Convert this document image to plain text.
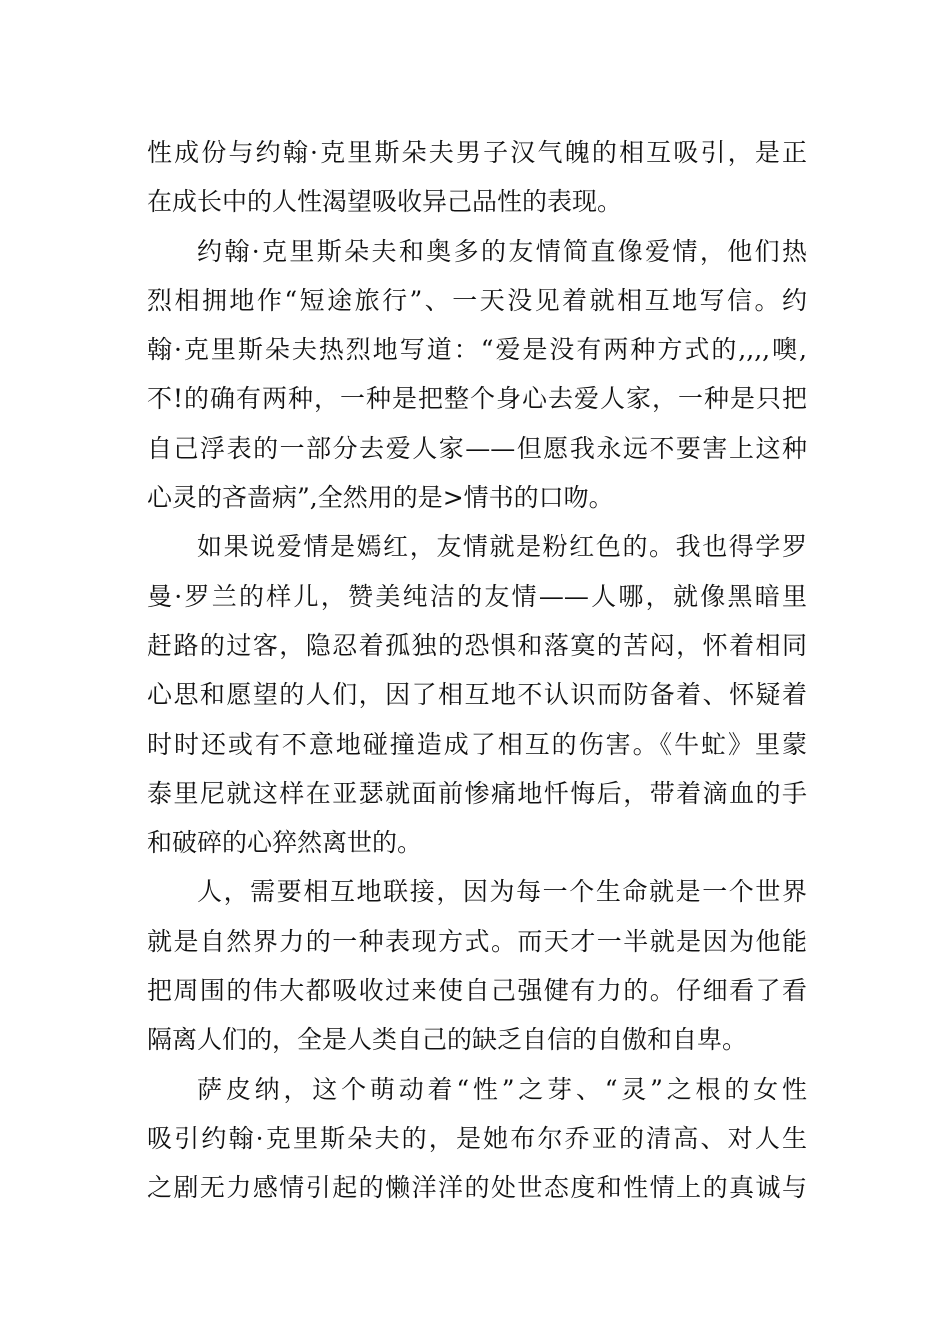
性成份与约翰·克里斯朵夫男子汉气魄的相互吸引，是正
在成长中的人性渴望吸收异己品性的表现。
约翰·克里斯朵夫和奥多的友情简直像爱情，他们热
烈相拥地作“短途旅行”、一天没见着就相互地写信。约
翰·克里斯朵夫热烈地写道：“爱是没有两种方式的,,,,噢,
不!的确有两种，一种是把整个身心去爱人家，一种是只把
自己浮表的一部分去爱人家——但愿我永远不要害上这种
心灵的吝啬病”,全然用的是>情书的口吻。
如果说爱情是嫣红，友情就是粉红色的。我也得学罗
曼·罗兰的样儿，赞美纯洁的友情——人哪，就像黑暗里
赶路的过客，隐忍着孤独的恐惧和落寞的苦闷，怀着相同
心思和愿望的人们，因了相互地不认识而防备着、怀疑着
时时还或有不意地碰撞造成了相互的伤害。《牛虻》里蒙
泰里尼就这样在亚瑟就面前惨痛地忏悔后，带着滴血的手
和破碎的心猝然离世的。
人，需要相互地联接，因为每一个生命就是一个世界
就是自然界力的一种表现方式。而天才一半就是因为他能
把周围的伟大都吸收过来使自己强健有力的。仔细看了看
隔离人们的，全是人类自己的缺乏自信的自傲和自卑。
萨皮纳，这个萌动着“性”之芽、“灵”之根的女性
吸引约翰·克里斯朵夫的，是她布尔乔亚的清高、对人生
之剧无力感情引起的懒洋洋的处世态度和性情上的真诚与
